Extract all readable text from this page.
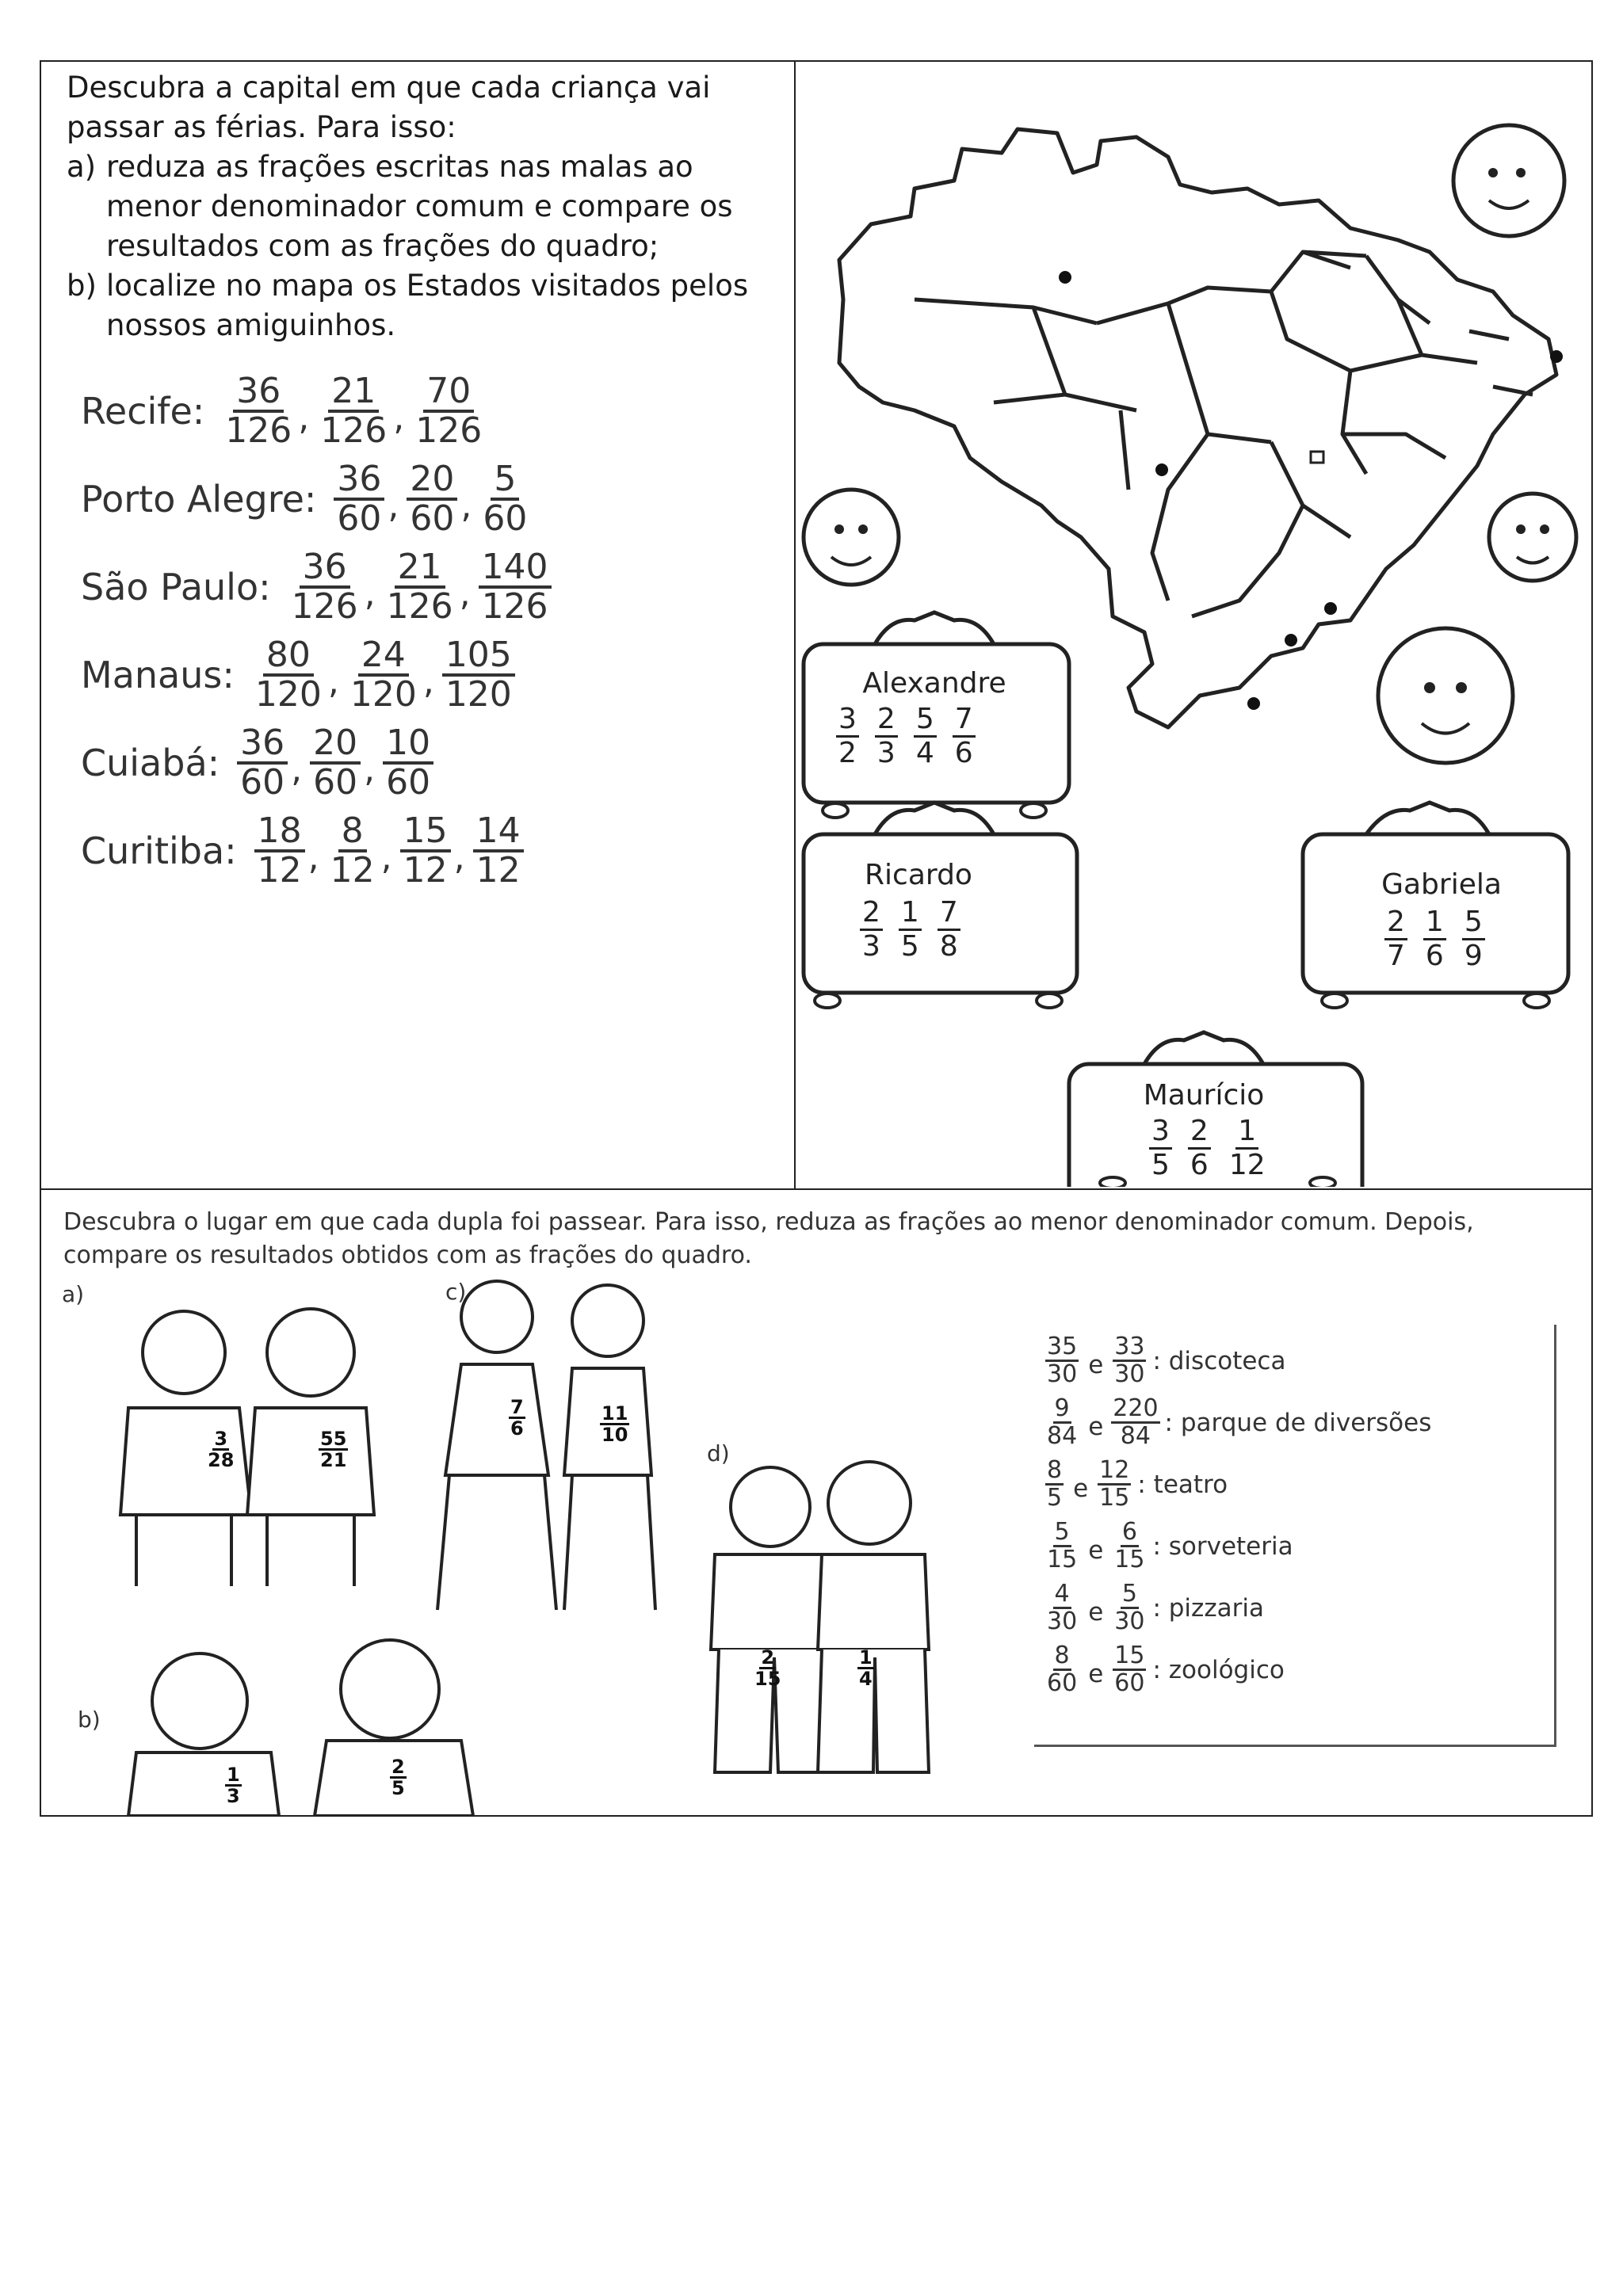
Descubra a capital em que cada criança vai passar as férias. Para isso:

a) reduza as frações escritas nas malas ao menor denominador comum e compare os resultados com as frações do quadro;
b) localize no mapa os Estados visitados pelos nossos amiguinhos.
Recife: $\frac{36}{126}$ , $\frac{21}{126}$ , $\frac{70}{126}$
Porto Alegre: $\frac{36}{60}$ , $\frac{20}{60}$ , $\frac{5}{60}$
São Paulo: $\frac{36}{126}$ , $\frac{21}{126}$ , $\frac{140}{126}$
Manaus: $\frac{80}{120}$ , $\frac{24}{120}$ , $\frac{105}{120}$
Cuiabá: $\frac{36}{60}$ , $\frac{20}{60}$ , $\frac{10}{60}$
Curitiba: $\frac{18}{12}$ , $\frac{8}{12}$ , $\frac{15}{12}$ , $\frac{14}{12}$
Alexandre
$\frac{3}{2} \frac{2}{3} \frac{5}{4} \frac{7}{6}$
Ricardo
$\frac{2}{3} \frac{1}{5} \frac{7}{8}$
Gabriela
$\frac{2}{7} \frac{1}{6} \frac{5}{9}$
Maurício
$\frac{3}{5} \frac{2}{6} \frac{1}{12}$

Descubra o lugar em que cada dupla foi passear. Para isso, reduza as frações ao menor denominador comum. Depois, compare os resultados obtidos com as frações do quadro.

a)	c)
d)
b)
$\frac{3}{28}$	$\frac{55}{21}$
$\frac{7}{6}$	$\frac{11}{10}$
$\frac{2}{15}$	$\frac{1}{4}$
$\frac{1}{3}$	$\frac{2}{5}$
$\frac{35}{30}$ e $\frac{33}{30}$ : discoteca
$\frac{9}{84}$ e $\frac{220}{84}$ : parque de diversões
$\frac{8}{5}$ e $\frac{12}{15}$ : teatro
$\frac{5}{15}$ e $\frac{6}{15}$ : sorveteria
$\frac{4}{30}$ e $\frac{5}{30}$ : pizzaria
$\frac{8}{60}$ e $\frac{15}{60}$ : zoológico
